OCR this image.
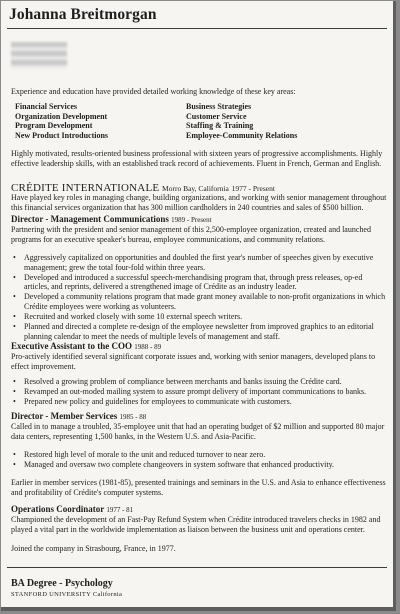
Johanna Breitmorgan
Experience and education have provided detailed working knowledge of these key areas:
Financial Services
Organization Development
Program Development
New Product Introductions
Business Strategies
Customer Service
Staffing & Training
Employee-Community Relations
Highly motivated, results-oriented business professional with sixteen years of progressive accomplishments. Highly effective leadership skills, with an established track record of achievements. Fluent in French, German and English.
CRÉDITE INTERNATIONALE Morro Bay, California 1977 - Present
Have played key roles in managing change, building organizations, and working with senior management throughout this financial services organization that has 300 million cardholders in 240 countries and sales of $500 billion.
Director - Management Communications 1989 - Present
Partnering with the president and senior management of this 2,500-employee organization, created and launched programs for an executive speaker's bureau, employee communications, and community relations.
• Aggressively capitalized on opportunities and doubled the first year's number of speeches given by executive management; grew the total four-fold within three years.
• Developed and introduced a successful speech-merchandising program that, through press releases, op-ed articles, and reprints, delivered a strengthened image of Crédite as an industry leader.
• Developed a community relations program that made grant money available to non-profit organizations in which Crédite employees were working as volunteers.
• Recruited and worked closely with some 10 external speech writers.
• Planned and directed a complete re-design of the employee newsletter from improved graphics to an editorial planning calendar to meet the needs of multiple levels of management and staff.
Executive Assistant to the COO 1988 - 89
Pro-actively identified several significant corporate issues and, working with senior managers, developed plans to effect improvement.
• Resolved a growing problem of compliance between merchants and banks issuing the Crédite card.
• Revamped an out-moded mailing system to assure prompt delivery of important communications to banks.
• Prepared new policy and guidelines for employees to communicate with customers.
Director - Member Services 1985 - 88
Called in to manage a troubled, 35-employee unit that had an operating budget of $2 million and supported 80 major data centers, representing 1,500 banks, in the Western U.S. and Asia-Pacific.
• Restored high level of morale to the unit and reduced turnover to near zero.
• Managed and oversaw two complete changeovers in system software that enhanced productivity.
Earlier in member services (1981-85), presented trainings and seminars in the U.S. and Asia to enhance effectiveness and profitability of Crédite's computer systems.
Operations Coordinator 1977 - 81
Championed the development of an Fast-Pay Refund System when Crédite introduced travelers checks in 1982 and played a vital part in the worldwide implementation as liaison between the business unit and operations center.
Joined the company in Strasbourg, France, in 1977.
BA Degree - Psychology
STANFORD UNIVERSITY California
